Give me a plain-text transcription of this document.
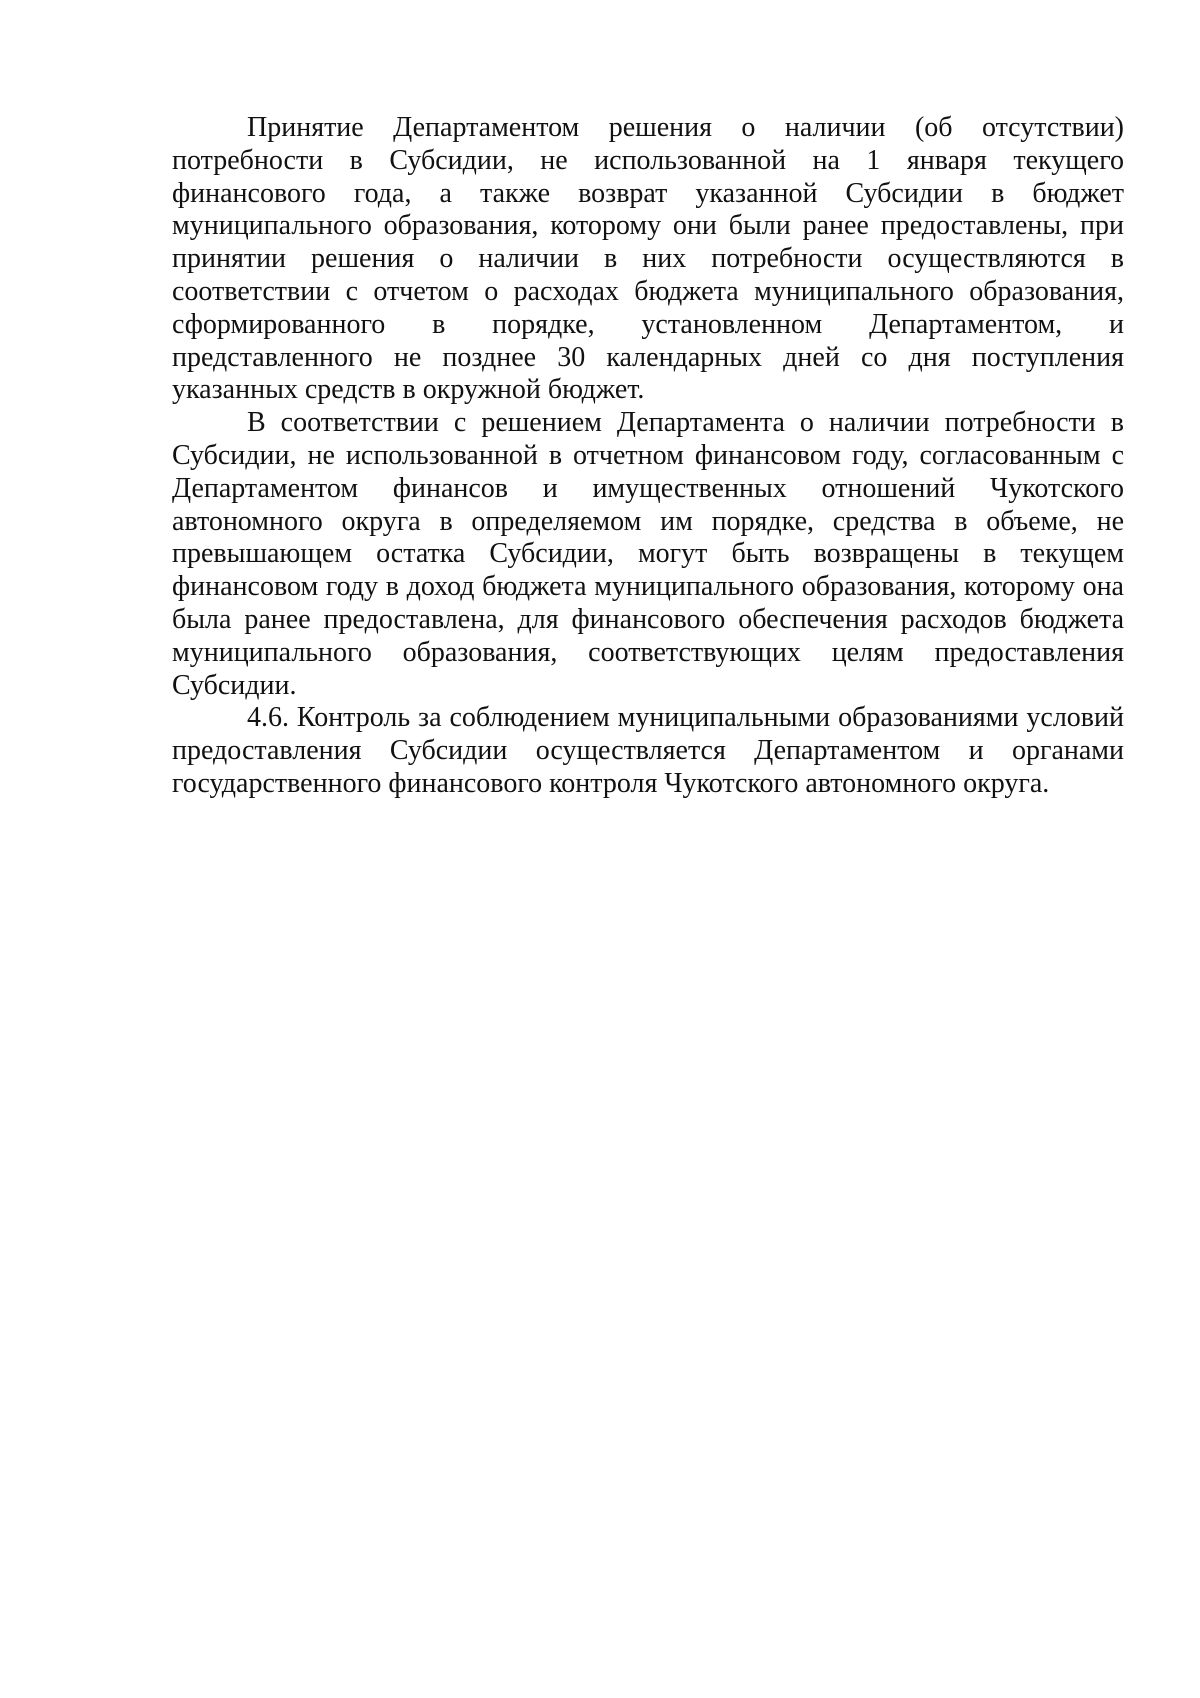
Принятие Департаментом решения о наличии (об отсутствии) потребности в Субсидии, не использованной на 1 января текущего финансового года, а также возврат указанной Субсидии в бюджет муниципального образования, которому они были ранее предоставлены, при принятии решения о наличии в них потребности осуществляются в соответствии с отчетом о расходах бюджета муниципального образования, сформированного в порядке, установленном Департаментом, и представленного не позднее 30 календарных дней со дня поступления указанных средств в окружной бюджет.

В соответствии с решением Департамента о наличии потребности в Субсидии, не использованной в отчетном финансовом году, согласованным с Департаментом финансов и имущественных отношений Чукотского автономного округа в определяемом им порядке, средства в объеме, не превышающем остатка Субсидии, могут быть возвращены в текущем финансовом году в доход бюджета муниципального образования, которому она была ранее предоставлена, для финансового обеспечения расходов бюджета муниципального образования, соответствующих целям предоставления Субсидии.

4.6. Контроль за соблюдением муниципальными образованиями условий предоставления Субсидии осуществляется Департаментом и органами государственного финансового контроля Чукотского автономного округа.
